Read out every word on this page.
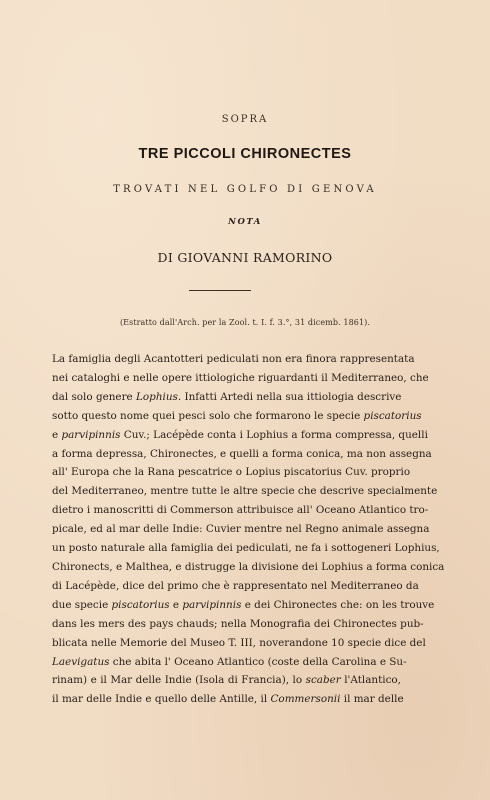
SOPRA
TRE PICCOLI CHIRONECTES
TROVATI NEL GOLFO DI GENOVA
NOTA
DI GIOVANNI RAMORINO
(Estratto dall'Arch. per la Zool. t. I. f. 3.°, 31 dicemb. 1861).
La famiglia degli Acantotteri pediculati non era finora rappresentata
nei cataloghi e nelle opere ittiologiche riguardanti il Mediterraneo, che
dal solo genere Lophius. Infatti Artedi nella sua ittiologia descrive
sotto questo nome quei pesci solo che formarono le specie piscatorius
e parvipinnis Cuv.; Lacépède conta i Lophius a forma compressa, quelli
a forma depressa, Chironectes, e quelli a forma conica, ma non assegna
all' Europa che la Rana pescatrice o Lopius piscatorius Cuv. proprio
del Mediterraneo, mentre tutte le altre specie che descrive specialmente
dietro i manoscritti di Commerson attribuisce all' Oceano Atlantico tro-
picale, ed al mar delle Indie: Cuvier mentre nel Regno animale assegna
un posto naturale alla famiglia dei pediculati, ne fa i sottogeneri Lophius,
Chironects, e Malthea, e distrugge la divisione dei Lophius a forma conica
di Lacépède, dice del primo che è rappresentato nel Mediterraneo da
due specie piscatorius e parvipinnis e dei Chironectes che: on les trouve
dans les mers des pays chauds; nella Monografia dei Chironectes pub-
blicata nelle Memorie del Museo T. III, noverandone 10 specie dice del
Laevigatus che abita l' Oceano Atlantico (coste della Carolina e Su-
rinam) e il Mar delle Indie (Isola di Francia), lo scaber l'Atlantico,
il mar delle Indie e quello delle Antille, il Commersonii il mar delle
